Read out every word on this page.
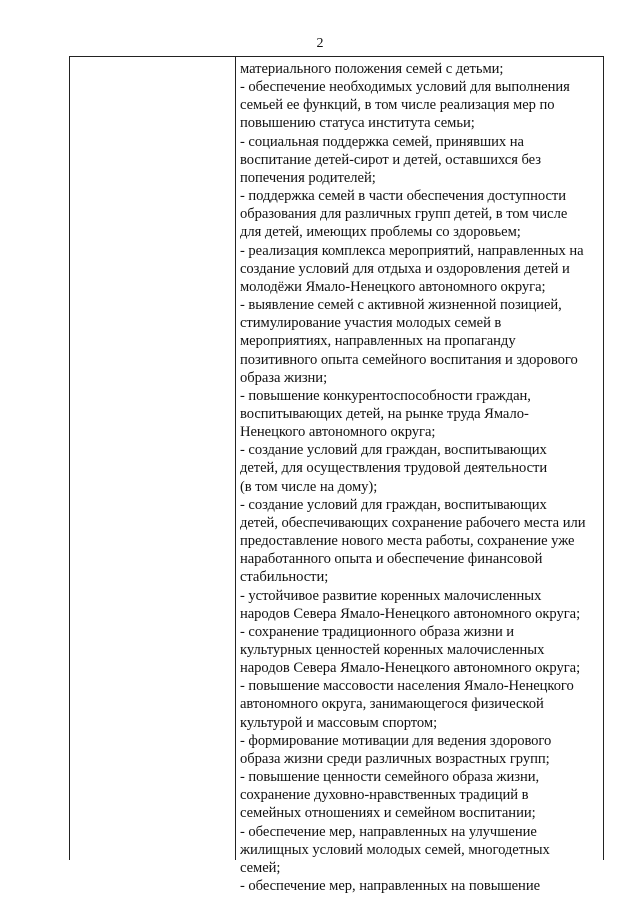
2
материального положения семей с детьми;
- обеспечение необходимых условий для выполнения
семьей ее функций, в том числе реализация мер по
повышению статуса института семьи;
- социальная поддержка семей, принявших на
воспитание детей-сирот и детей, оставшихся без
попечения родителей;
- поддержка семей в части обеспечения доступности
образования для различных групп детей, в том числе
для детей, имеющих проблемы со здоровьем;
- реализация комплекса мероприятий, направленных на
создание условий для отдыха и оздоровления детей и
молодёжи Ямало-Ненецкого автономного округа;
- выявление семей с активной жизненной позицией,
стимулирование участия молодых семей в
мероприятиях, направленных на пропаганду
позитивного опыта семейного воспитания и здорового
образа жизни;
- повышение конкурентоспособности граждан,
воспитывающих детей, на рынке труда Ямало-
Ненецкого автономного округа;
- создание условий для граждан, воспитывающих
детей, для осуществления трудовой деятельности
(в том числе на дому);
- создание условий для граждан, воспитывающих
детей, обеспечивающих сохранение рабочего места или
предоставление нового места работы, сохранение уже
наработанного опыта и обеспечение финансовой
стабильности;
- устойчивое развитие коренных малочисленных
народов Севера Ямало-Ненецкого автономного округа;
- сохранение традиционного образа жизни и
культурных ценностей коренных малочисленных
народов Севера Ямало-Ненецкого автономного округа;
- повышение массовости населения Ямало-Ненецкого
автономного округа, занимающегося физической
культурой и массовым спортом;
- формирование мотивации для ведения здорового
образа жизни среди различных возрастных групп;
- повышение ценности семейного образа жизни,
сохранение духовно-нравственных традиций в
семейных отношениях и семейном воспитании;
- обеспечение мер, направленных на улучшение
жилищных условий молодых семей, многодетных
семей;
- обеспечение мер, направленных на повышение
